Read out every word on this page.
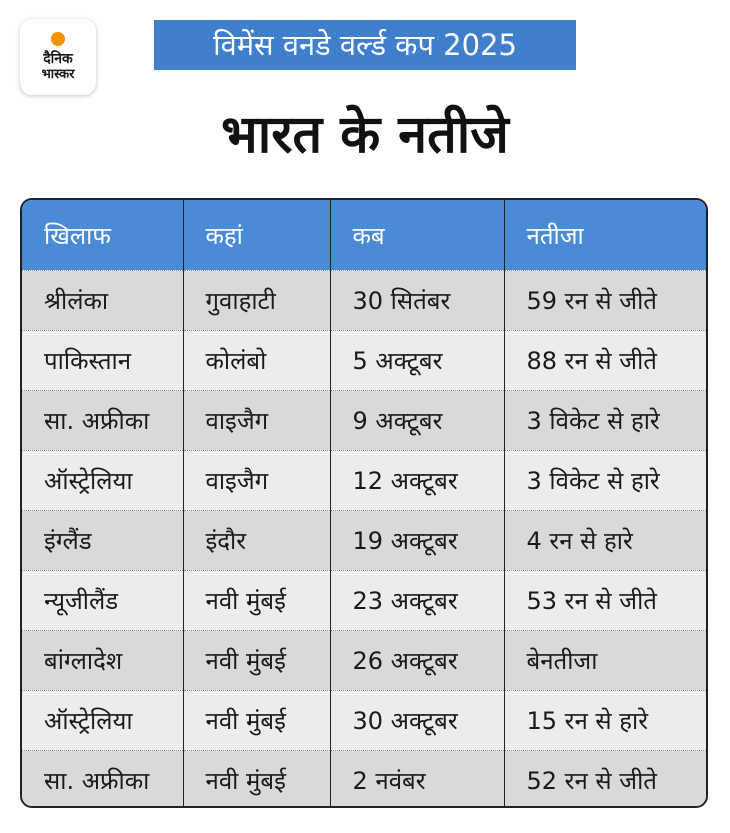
दैनिक
भास्कर
विमेंस वनडे वर्ल्ड कप 2025
भारत के नतीजे
खिलाफ	कहां	कब	नतीजा
श्रीलंका	गुवाहाटी	30 सितंबर	59 रन से जीते
पाकिस्तान	कोलंबो	5 अक्टूबर	88 रन से जीते
सा. अफ्रीका	वाइजैग	9 अक्टूबर	3 विकेट से हारे
ऑस्ट्रेलिया	वाइजैग	12 अक्टूबर	3 विकेट से हारे
इंग्लैंड	इंदौर	19 अक्टूबर	4 रन से हारे
न्यूजीलैंड	नवी मुंबई	23 अक्टूबर	53 रन से जीते
बांग्लादेश	नवी मुंबई	26 अक्टूबर	बेनतीजा
ऑस्ट्रेलिया	नवी मुंबई	30 अक्टूबर	15 रन से हारे
सा. अफ्रीका	नवी मुंबई	2 नवंबर	52 रन से जीते
